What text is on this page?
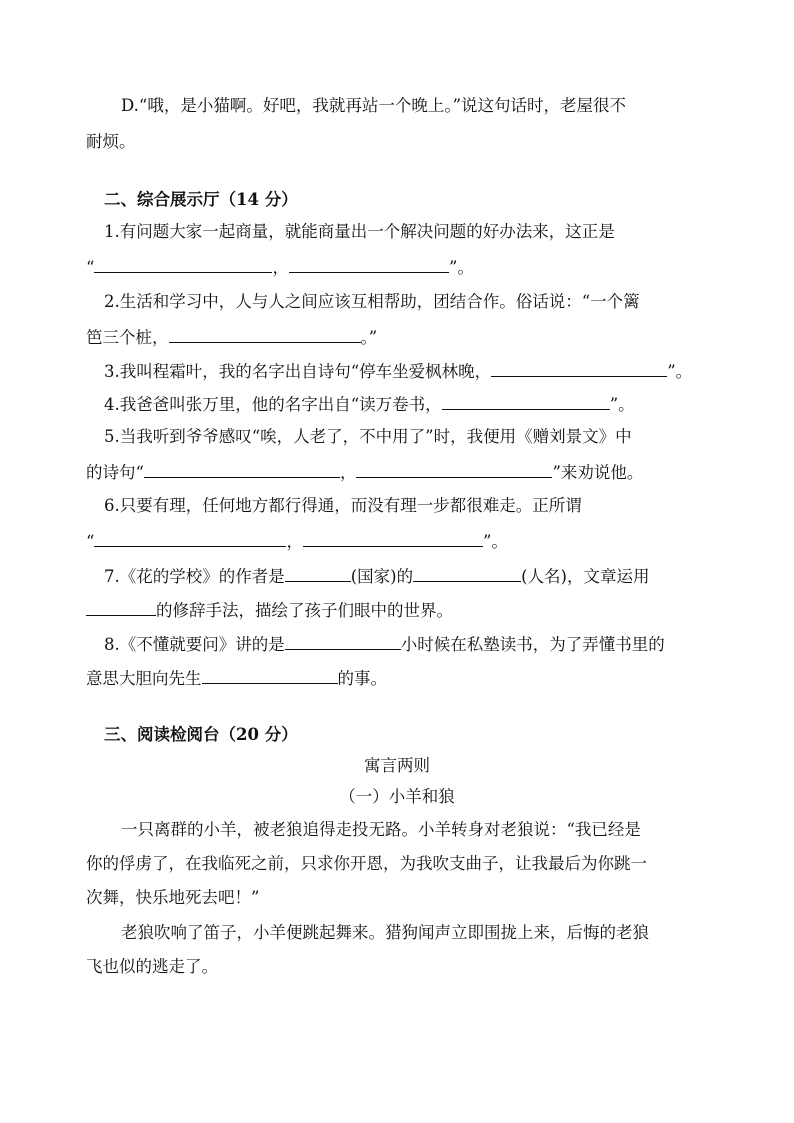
D.“哦，是小猫啊。好吧，我就再站一个晚上。”说这句话时，老屋很不
耐烦。
二、综合展示厅（14 分）
1.有问题大家一起商量，就能商量出一个解决问题的好办法来，这正是
“	，	”。
2.生活和学习中，人与人之间应该互相帮助，团结合作。俗话说：“一个篱
笆三个桩，	。”
3.我叫程霜叶，我的名字出自诗句“停车坐爱枫林晚，	”。
4.我爸爸叫张万里，他的名字出自“读万卷书，	”。
5.当我听到爷爷感叹“唉，人老了，不中用了”时，我便用《赠刘景文》中
的诗句“	，	”来劝说他。
6.只要有理，任何地方都行得通，而没有理一步都很难走。正所谓
“	，	”。
7.《花的学校》的作者是	(国家)的	(人名)，文章运用
的修辞手法，描绘了孩子们眼中的世界。
8.《不懂就要问》讲的是	小时候在私塾读书，为了弄懂书里的
意思大胆向先生	的事。
三、阅读检阅台（20 分）
寓言两则
（一）小羊和狼
一只离群的小羊，被老狼追得走投无路。小羊转身对老狼说：“我已经是
你的俘虏了，在我临死之前，只求你开恩，为我吹支曲子，让我最后为你跳一
次舞，快乐地死去吧！”
老狼吹响了笛子，小羊便跳起舞来。猎狗闻声立即围拢上来，后悔的老狼
飞也似的逃走了。
